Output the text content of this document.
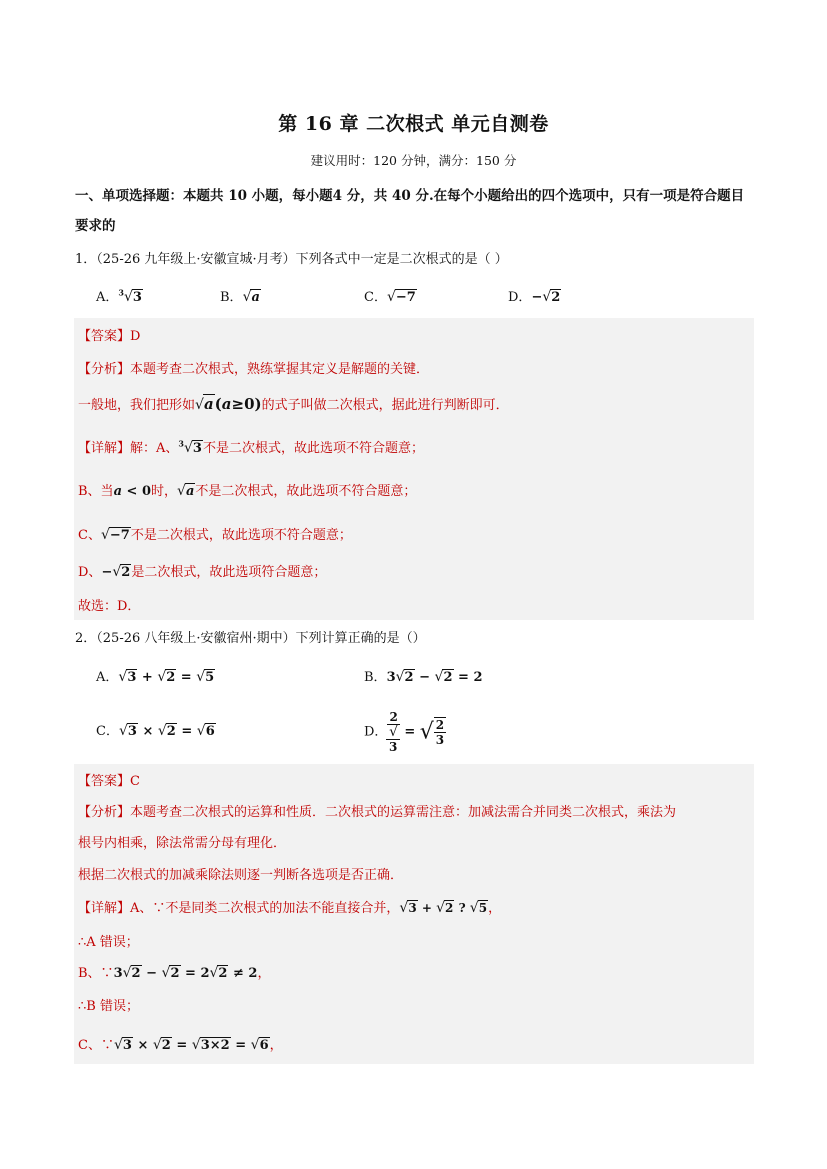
第 16 章 二次根式 单元自测卷
建议用时：120 分钟，满分：150 分
一、单项选择题：本题共 10 小题，每小题4 分，共 40 分.在每个小题给出的四个选项中，只有一项是符合题目要求的
1．（25-26 九年级上·安徽宣城·月考）下列各式中一定是二次根式的是（ ）
A．$^3$√3	B．√a	C．√−7	D．−√2
【答案】D
【分析】本题考查二次根式，熟练掌握其定义是解题的关键．
一般地，我们把形如√a(a≥0)的式子叫做二次根式，据此进行判断即可．
【详解】解：A、$^3$√3不是二次根式，故此选项不符合题意；
B、当a < 0时，√a不是二次根式，故此选项不符合题意；
C、√−7不是二次根式，故此选项不符合题意；
D、−√2是二次根式，故此选项符合题意；
故选：D．
2．（25-26 八年级上·安徽宿州·期中）下列计算正确的是（）
A．√3 + √2 = √5	B．3√2 − √2 = 2
C．√3 × √2 = √6	D． 2
√
3 = √ $\frac{2}{3}$
【答案】C
【分析】本题考查二次根式的运算和性质．二次根式的运算需注意：加减法需合并同类二次根式，乘法为
根号内相乘，除法常需分母有理化．
根据二次根式的加减乘除法则逐一判断各选项是否正确．
【详解】A、∵不是同类二次根式的加法不能直接合并，√3 + √2 ? √5，
∴A 错误；
B、∵3√2 − √2 = 2√2 ≠ 2，
∴B 错误；
C、∵√3 × √2 = √3×2 = √6，
